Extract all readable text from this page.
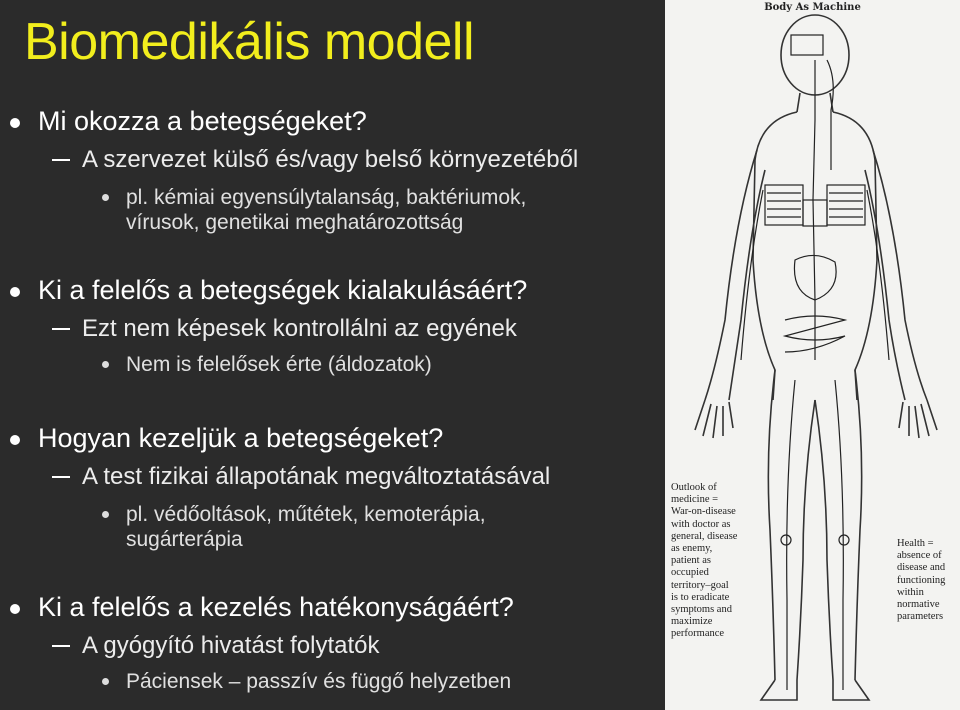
Biomedikális modell
Mi okozza a betegségeket?
A szervezet külső és/vagy belső környezetéből
pl. kémiai egyensúlytalanság, baktériumok,
vírusok, genetikai meghatározottság
Ki a felelős a betegségek kialakulásáért?
Ezt nem képesek kontrollálni az egyének
Nem is felelősek érte (áldozatok)
Hogyan kezeljük a betegségeket?
A test fizikai állapotának megváltoztatásával
pl. védőoltások, műtétek, kemoterápia,
sugárterápia
Ki a felelős a kezelés hatékonyságáért?
A gyógyító hivatást folytatók
Páciensek – passzív és függő helyzetben
Body As Machine
Outlook of
medicine =
War-on-disease
with doctor as
general, disease
as enemy,
patient as
occupied
territory–goal
is to eradicate
symptoms and
maximize
performance
Health =
absence of
disease and
functioning
within
normative
parameters
